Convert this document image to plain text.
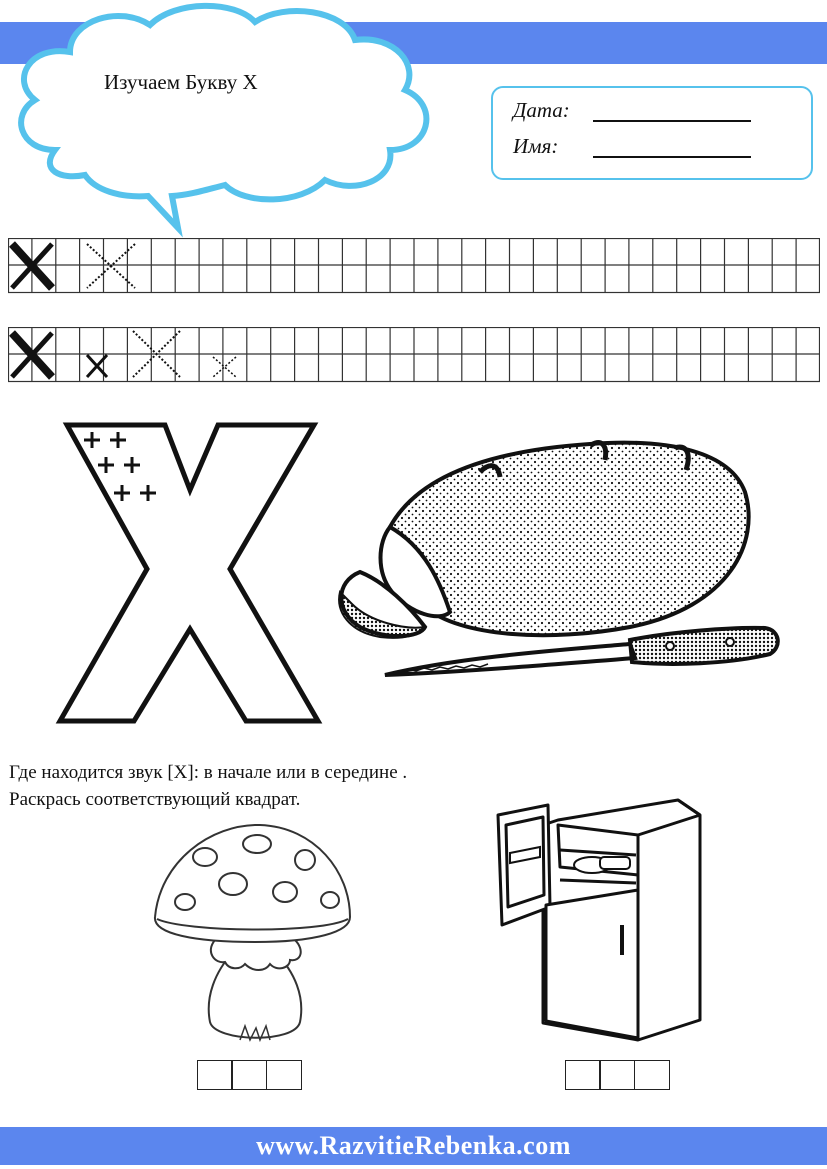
Изучаем Букву Х
Дата:
Имя:
Где находится звук [Х]: в начале или в середине .
Раскрась соответствующий квадрат.
www.RazvitieRebenka.com
